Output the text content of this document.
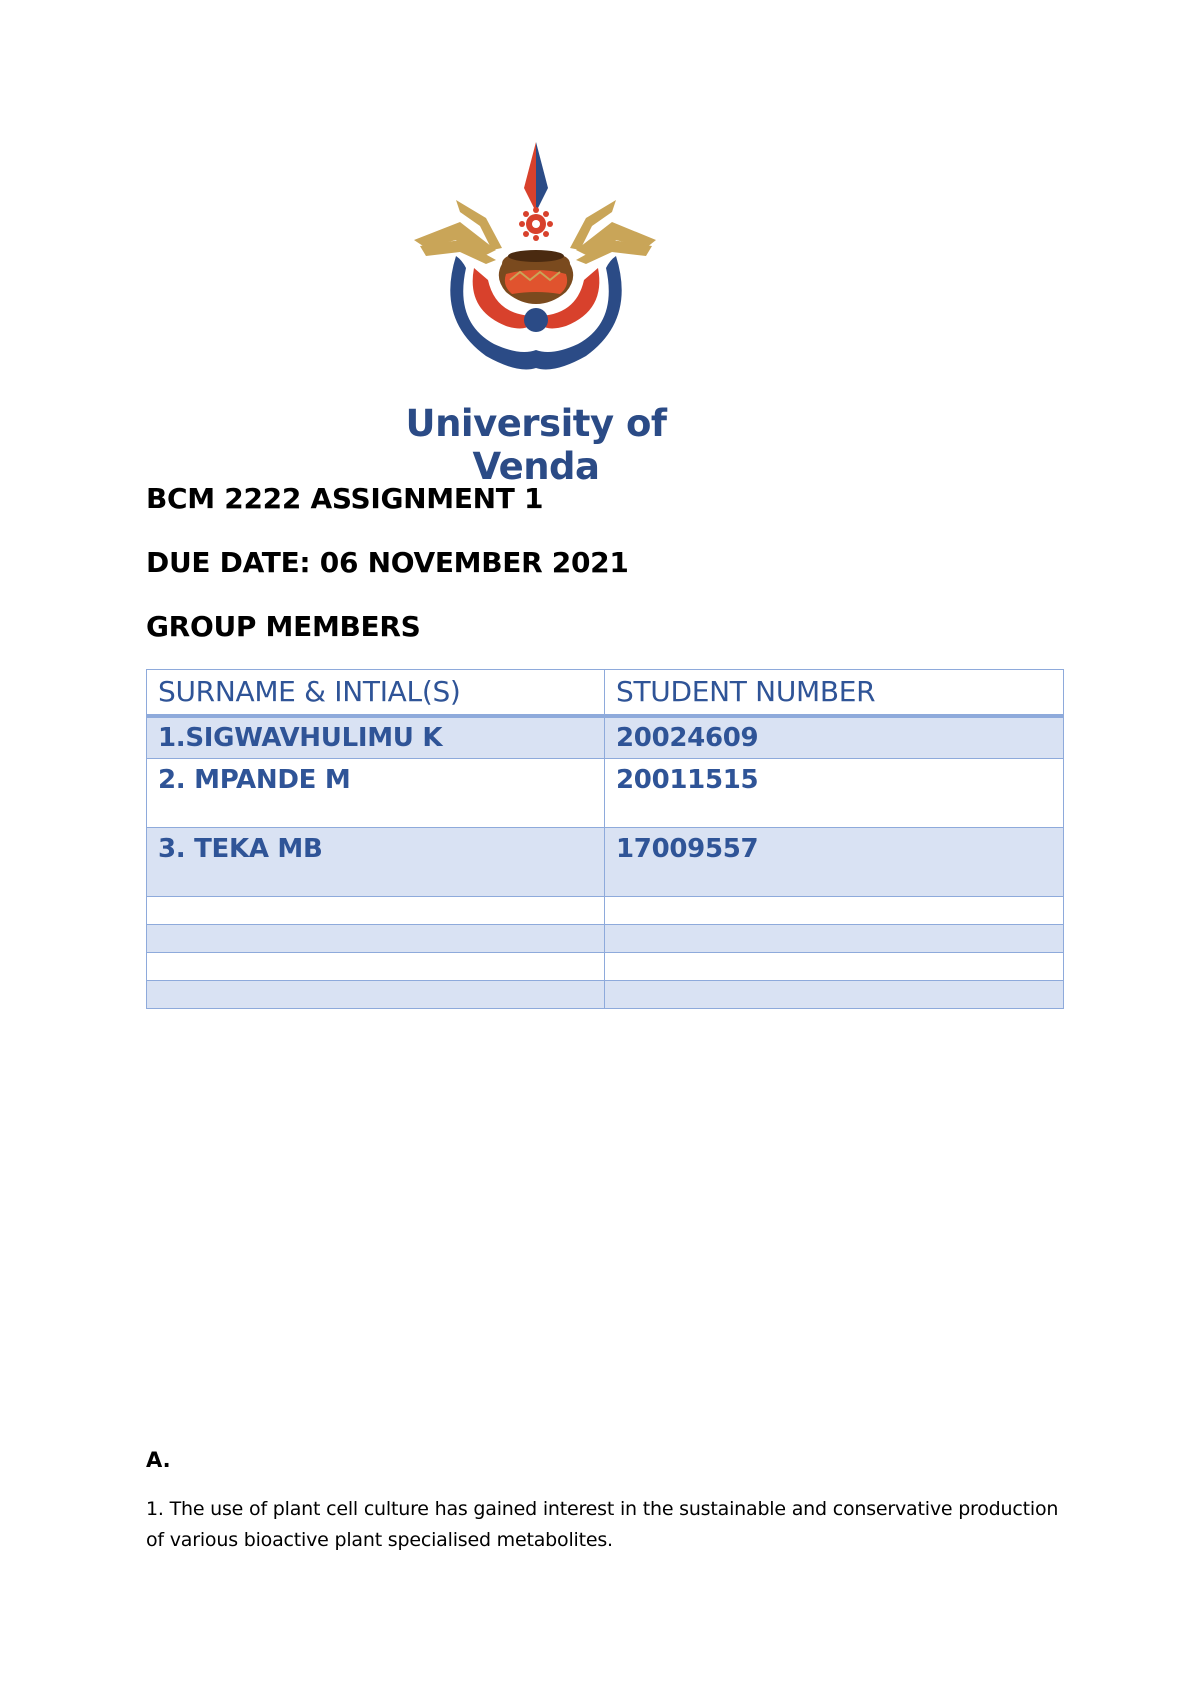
University of Venda
BCM 2222 ASSIGNMENT 1
DUE DATE: 06 NOVEMBER 2021
GROUP MEMBERS
SURNAME & INTIAL(S)	STUDENT NUMBER
1.SIGWAVHULIMU K	20024609
2. MPANDE M	20011515
3. TEKA MB	17009557

A.
1. The use of plant cell culture has gained interest in the sustainable and conservative production of various bioactive plant specialised metabolites.
